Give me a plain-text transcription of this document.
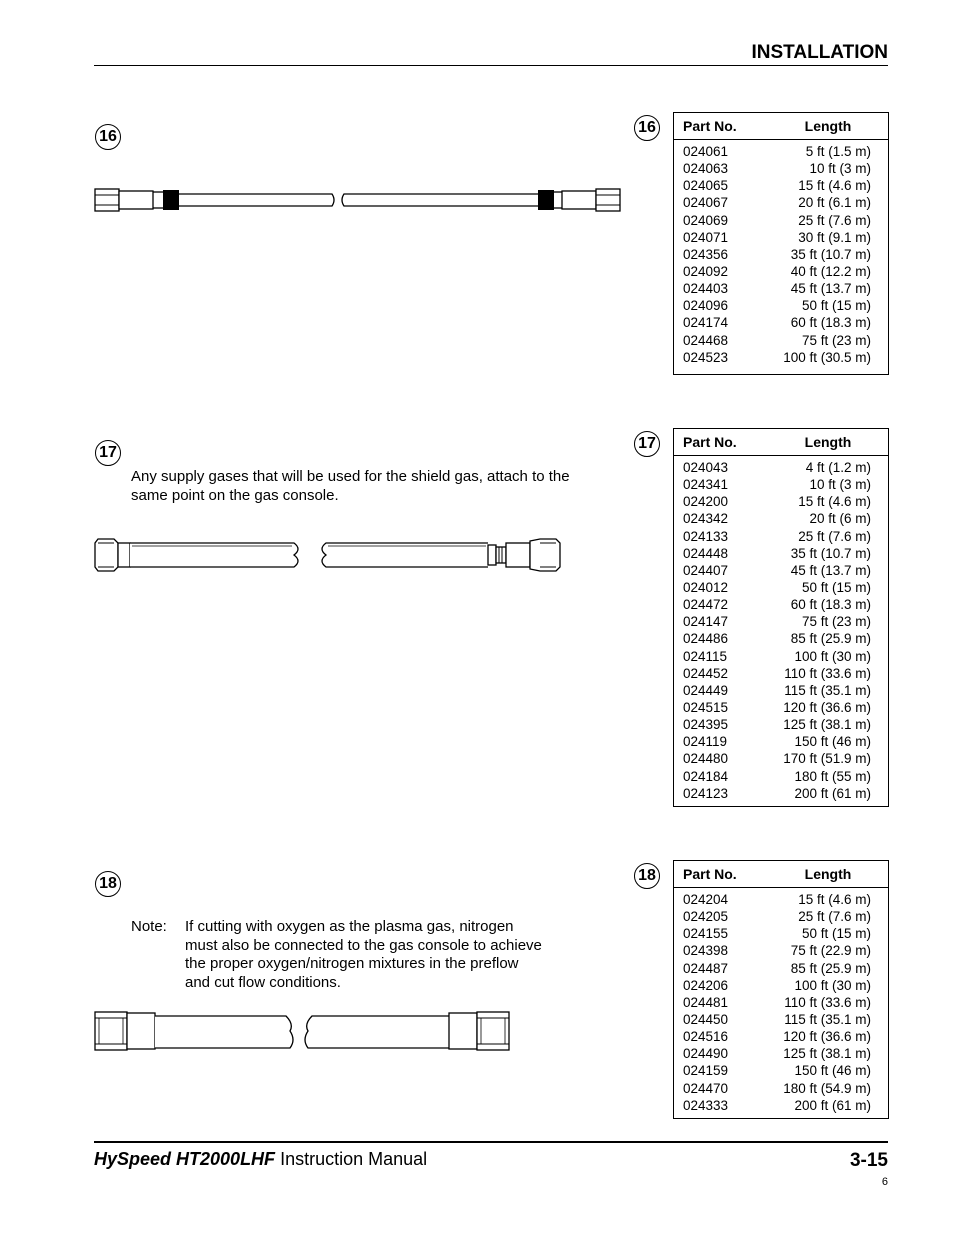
INSTALLATION
16
16	Part No.	Length
024061	5 ft (1.5 m)
024063	10 ft (3 m)
024065	15 ft (4.6 m)
024067	20 ft (6.1 m)
024069	25 ft (7.6 m)
024071	30 ft (9.1 m)
024356	35 ft (10.7 m)
024092	40 ft (12.2 m)
024403	45 ft (13.7 m)
024096	50 ft (15 m)
024174	60 ft (18.3 m)
024468	75 ft (23 m)
024523	100 ft (30.5 m)
17
17
Any supply gases that will be used for the shield gas, attach to the same point on the gas console.
Part No.	Length
024043	4 ft (1.2 m)
024341	10 ft (3 m)
024200	15 ft (4.6 m)
024342	20 ft (6 m)
024133	25 ft (7.6 m)
024448	35 ft (10.7 m)
024407	45 ft (13.7 m)
024012	50 ft (15 m)
024472	60 ft (18.3 m)
024147	75 ft (23 m)
024486	85 ft (25.9 m)
024115	100 ft (30 m)
024452	110 ft (33.6 m)
024449	115 ft (35.1 m)
024515	120 ft (36.6 m)
024395	125 ft (38.1 m)
024119	150 ft (46 m)
024480	170 ft (51.9 m)
024184	180 ft (55 m)
024123	200 ft (61 m)
18	18
Note: If cutting with oxygen as the plasma gas, nitrogen must also be connected to the gas console to achieve the proper oxygen/nitrogen mixtures in the preflow and cut flow conditions.
Part No.	Length
024204	15 ft (4.6 m)
024205	25 ft (7.6 m)
024155	50 ft (15 m)
024398	75 ft (22.9 m)
024487	85 ft (25.9 m)
024206	100 ft (30 m)
024481	110 ft (33.6 m)
024450	115 ft (35.1 m)
024516	120 ft (36.6 m)
024490	125 ft (38.1 m)
024159	150 ft (46 m)
024470	180 ft (54.9 m)
024333	200 ft (61 m)
HySpeed HT2000LHF Instruction Manual	3-15
6
